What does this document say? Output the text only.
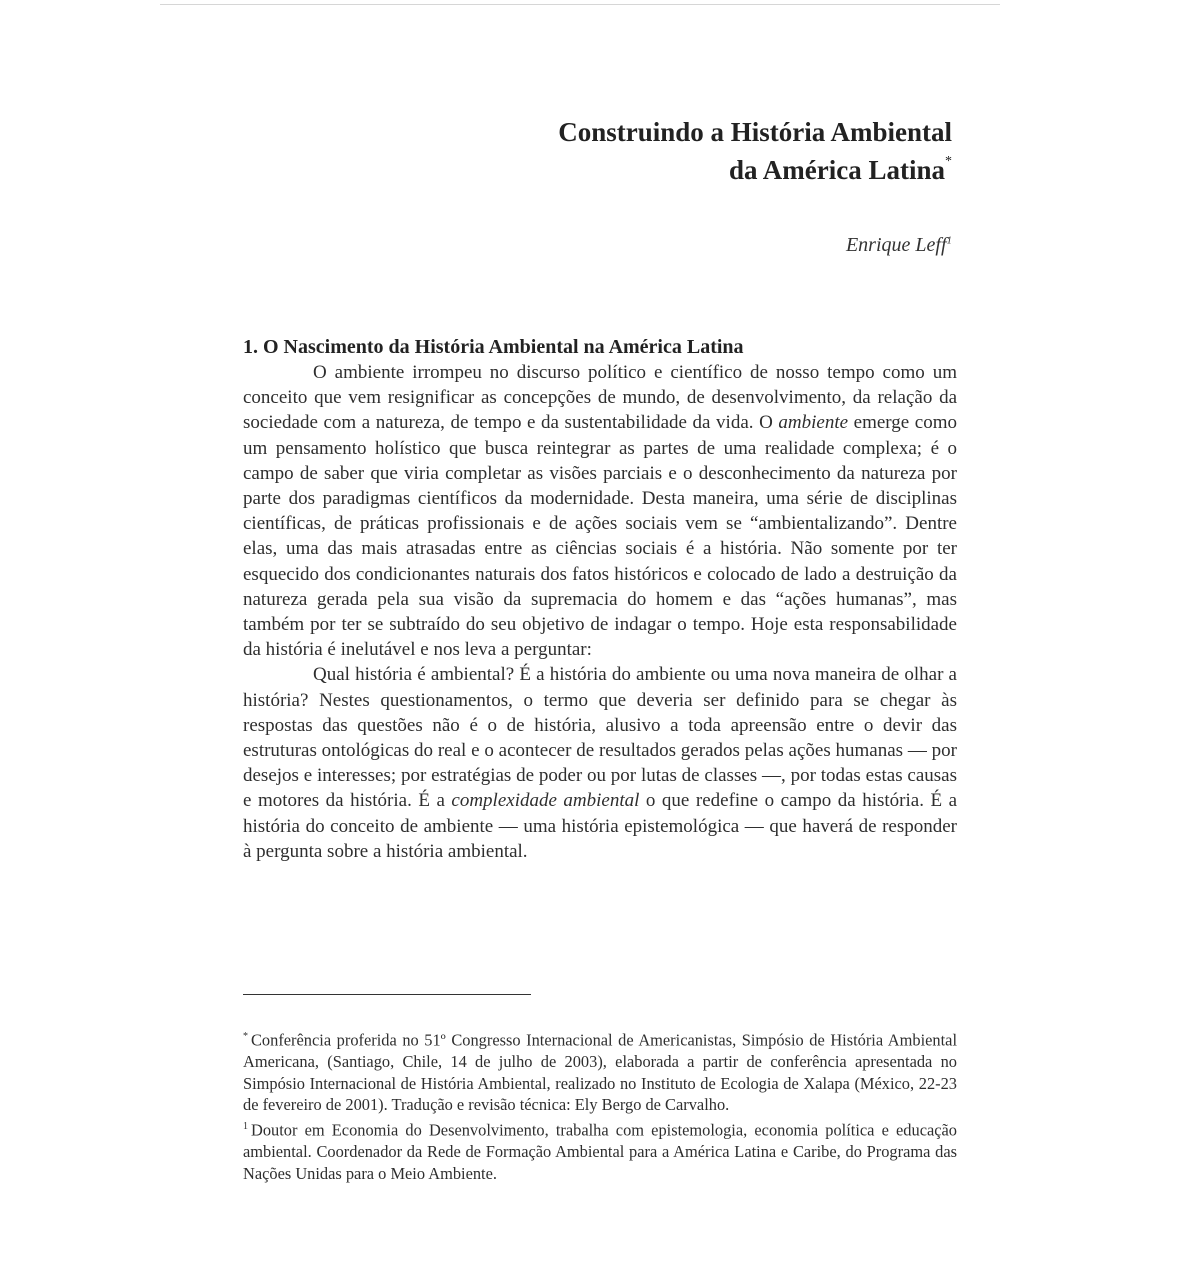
Construindo a História Ambiental
da América Latina*
Enrique Leff$^1$
1. O Nascimento da História Ambiental na América Latina

O ambiente irrompeu no discurso político e científico de nosso tempo como um conceito que vem resignificar as concepções de mundo, de desenvolvimento, da relação da sociedade com a natureza, de tempo e da sustentabilidade da vida. O ambiente emerge como um pensamento holístico que busca reintegrar as partes de uma realidade complexa; é o campo de saber que viria completar as visões parciais e o desconhecimento da natureza por parte dos paradigmas científicos da modernidade. Desta maneira, uma série de disciplinas científicas, de práticas profissionais e de ações sociais vem se “ambientalizando”. Dentre elas, uma das mais atrasadas entre as ciências sociais é a história. Não somente por ter esquecido dos condicionantes naturais dos fatos históricos e colocado de lado a destruição da natureza gerada pela sua visão da supremacia do homem e das “ações humanas”, mas também por ter se subtraído do seu objetivo de indagar o tempo. Hoje esta responsabilidade da história é inelutável e nos leva a perguntar:

Qual história é ambiental? É a história do ambiente ou uma nova maneira de olhar a história? Nestes questionamentos, o termo que deveria ser definido para se chegar às respostas das questões não é o de história, alusivo a toda apreensão entre o devir das estruturas ontológicas do real e o acontecer de resultados gerados pelas ações humanas — por desejos e interesses; por estratégias de poder ou por lutas de classes —, por todas estas causas e motores da história. É a complexidade ambiental o que redefine o campo da história. É a história do conceito de ambiente — uma história epistemológica — que haverá de responder à pergunta sobre a história ambiental.

* Conferência proferida no 51º Congresso Internacional de Americanistas, Simpósio de História Ambiental Americana, (Santiago, Chile, 14 de julho de 2003), elaborada a partir de conferência apresentada no Simpósio Internacional de História Ambiental, realizado no Instituto de Ecologia de Xalapa (México, 22-23 de fevereiro de 2001). Tradução e revisão técnica: Ely Bergo de Carvalho.

$^1$ Doutor em Economia do Desenvolvimento, trabalha com epistemologia, economia política e educação ambiental. Coordenador da Rede de Formação Ambiental para a América Latina e Caribe, do Programa das Nações Unidas para o Meio Ambiente.
